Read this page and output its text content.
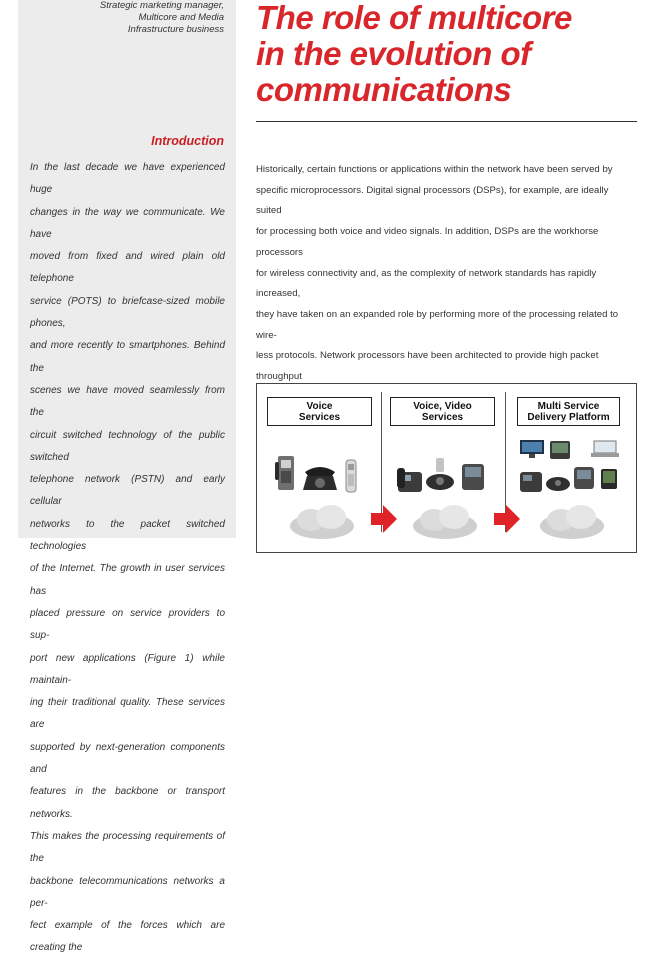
Strategic marketing manager,
Multicore and Media
Infrastructure business
Introduction
In the last decade we have experienced huge
changes in the way we communicate. We have
moved from fixed and wired plain old telephone
service (POTS) to briefcase-sized mobile phones,
and more recently to smartphones. Behind the
scenes we have moved seamlessly from the
circuit switched technology of the public switched
telephone network (PSTN) and early cellular
networks to the packet switched technologies
of the Internet. The growth in user services has
placed pressure on service providers to sup-
port new applications (Figure 1) while maintain-
ing their traditional quality. These services are
supported by next-generation components and
features in the backbone or transport networks.
This makes the processing requirements of the
backbone telecommunications networks a per-
fect example of the forces which are creating the
The role of multicore
in the evolution of
communications
Historically, certain functions or applications within the network have been served by
specific microprocessors. Digital signal processors (DSPs), for example, are ideally suited
for processing both voice and video signals. In addition, DSPs are the workhorse processors
for wireless connectivity and, as the complexity of network standards has rapidly increased,
they have taken on an expanded role by performing more of the processing related to wire-
less protocols. Network processors have been architected to provide high packet throughput
Voice
Services
Voice, Video
Services
Multi Service
Delivery Platform
